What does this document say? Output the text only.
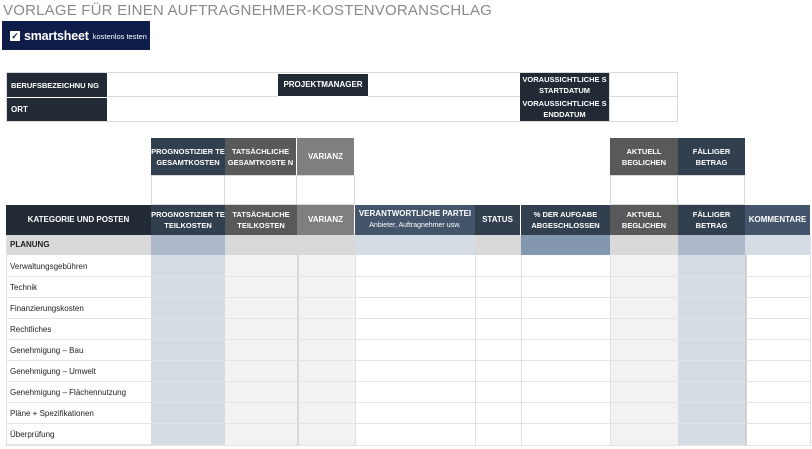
VORLAGE FÜR EINEN AUFTRAGNEHMER-KOSTENVORANSCHLAG
✓ smartsheet kostenlos testen
BERUFSBEZEICHNU NG	PROJEKTMANAGER
VORAUSSICHTLICHE S STARTDATUM
ORT
VORAUSSICHTLICHE S ENDDATUM
PROGNOSTIZIER TE GESAMTKOSTEN
TATSÄCHLICHE GESAMTKOSTE N
VARIANZ
AKTUELL BEGLICHEN
FÄLLIGER BETRAG
KATEGORIE UND POSTEN
PROGNOSTIZIER TE TEILKOSTEN
TATSÄCHLICHE TEILKOSTEN
VARIANZ
VERANTWORTLICHE PARTEI
Anbieter, Auftragnehmer usw.
STATUS
% DER AUFGABE ABGESCHLOSSEN
AKTUELL BEGLICHEN
FÄLLIGER BETRAG
KOMMENTARE
PLANUNG
Verwaltungsgebühren
Technik
Finanzierungskosten
Rechtliches
Genehmigung – Bau
Genehmigung – Umwelt
Genehmigung – Flächennutzung
Pläne + Spezifikationen
Überprüfung
